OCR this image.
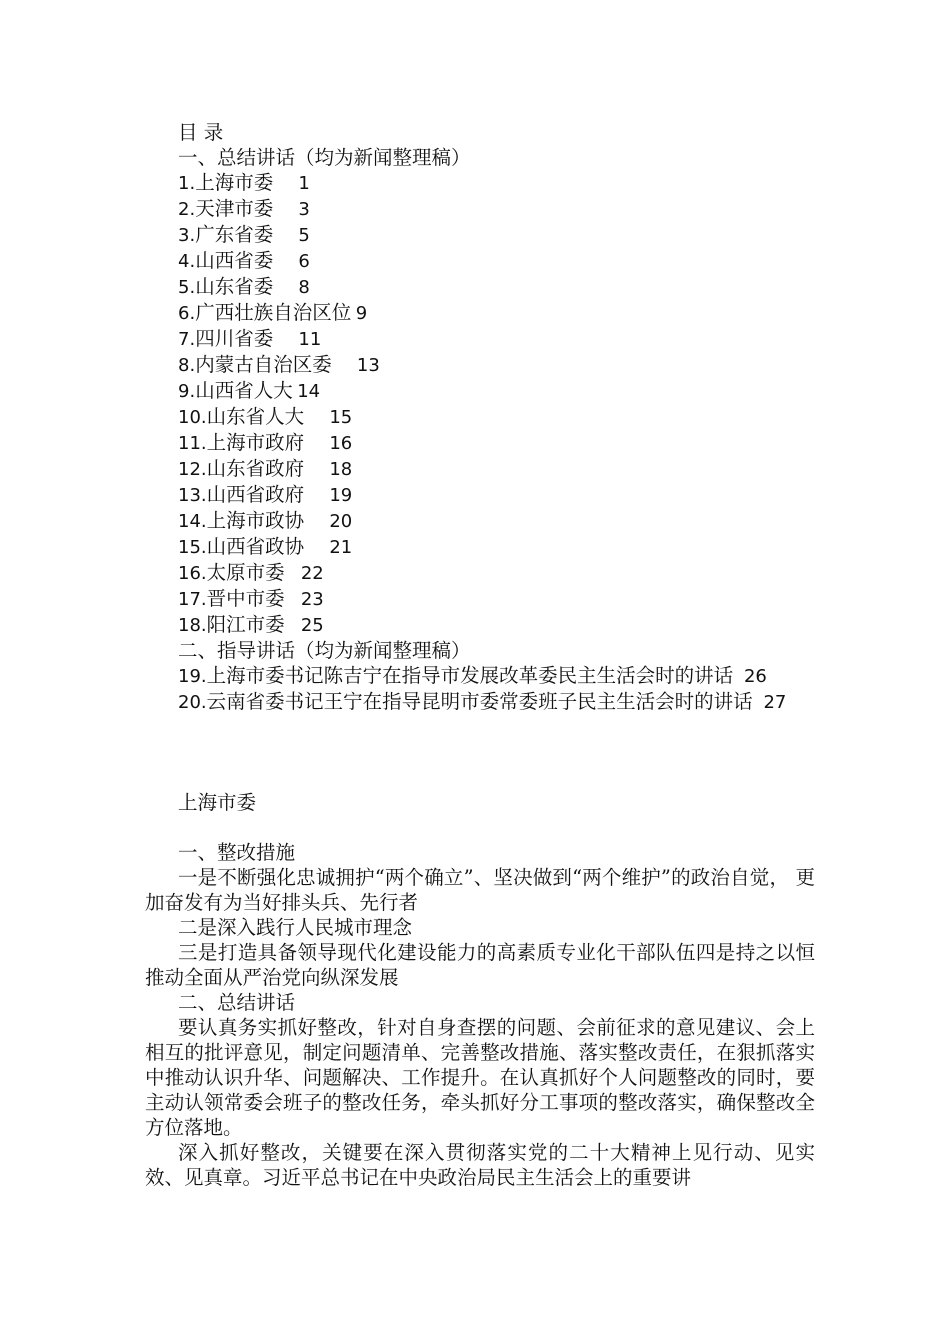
目 录
一、总结讲话（均为新闻整理稿）
1.上海市委 1
2.天津市委 3
3.广东省委 5
4.山西省委 6
5.山东省委 8
6.广西壮族自治区位 9
7.四川省委 11
8.内蒙古自治区委 13
9.山西省人大 14
10.山东省人大 15
11.上海市政府 16
12.山东省政府 18
13.山西省政府 19
14.上海市政协 20
15.山西省政协 21
16.太原市委 22
17.晋中市委 23
18.阳江市委 25
二、指导讲话（均为新闻整理稿）
19.上海市委书记陈吉宁在指导市发展改革委民主生活会时的讲话 26
20.云南省委书记王宁在指导昆明市委常委班子民主生活会时的讲话 27
上海市委
一、整改措施
一是不断强化忠诚拥护“两个确立”、坚决做到“两个维护”的政治自觉， 更加奋发有为当好排头兵、先行者
二是深入践行人民城市理念
三是打造具备领导现代化建设能力的高素质专业化干部队伍四是持之以恒推动全面从严治党向纵深发展
二、总结讲话
要认真务实抓好整改，针对自身查摆的问题、会前征求的意见建议、会上相互的批评意见，制定问题清单、完善整改措施、落实整改责任，在狠抓落实中推动认识升华、问题解决、工作提升。在认真抓好个人问题整改的同时，要主动认领常委会班子的整改任务，牵头抓好分工事项的整改落实，确保整改全方位落地。
深入抓好整改，关键要在深入贯彻落实党的二十大精神上见行动、见实效、见真章。习近平总书记在中央政治局民主生活会上的重要讲
